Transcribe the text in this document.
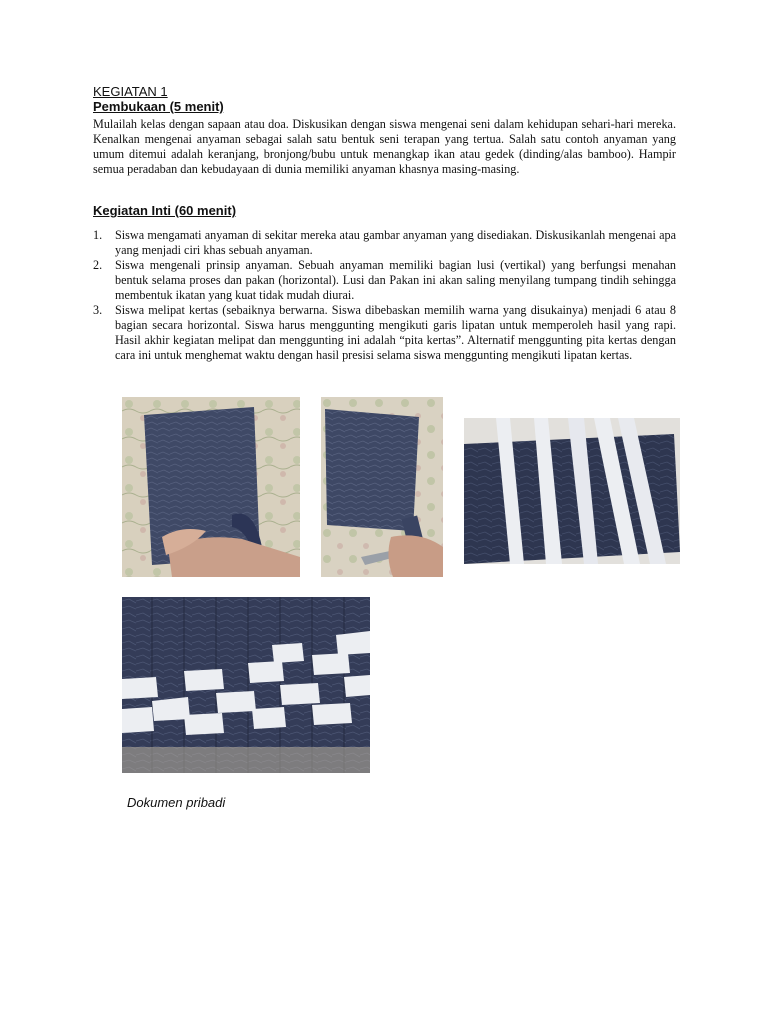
KEGIATAN 1
Pembukaan (5 menit)

Mulailah kelas dengan sapaan atau doa. Diskusikan dengan siswa mengenai seni dalam kehidupan sehari-hari mereka. Kenalkan mengenai anyaman sebagai salah satu bentuk seni terapan yang tertua. Salah satu contoh anyaman yang umum ditemui adalah keranjang, bronjong/bubu untuk menangkap ikan atau gedek (dinding/alas bamboo). Hampir semua peradaban dan kebudayaan di dunia memiliki anyaman khasnya masing-masing.

Kegiatan Inti (60 menit)
1. Siswa mengamati anyaman di sekitar mereka atau gambar anyaman yang disediakan. Diskusikanlah mengenai apa yang menjadi ciri khas sebuah anyaman.
2. Siswa mengenali prinsip anyaman. Sebuah anyaman memiliki bagian lusi (vertikal) yang berfungsi menahan bentuk selama proses dan pakan (horizontal). Lusi dan Pakan ini akan saling menyilang tumpang tindih sehingga membentuk ikatan yang kuat tidak mudah diurai.
3. Siswa melipat kertas (sebaiknya berwarna. Siswa dibebaskan memilih warna yang disukainya) menjadi 6 atau 8 bagian secara horizontal. Siswa harus menggunting mengikuti garis lipatan untuk memperoleh hasil yang rapi. Hasil akhir kegiatan melipat dan menggunting ini adalah “pita kertas”. Alternatif menggunting pita kertas dengan cara ini untuk menghemat waktu dengan hasil presisi selama siswa menggunting mengikuti lipatan kertas.
Dokumen pribadi
